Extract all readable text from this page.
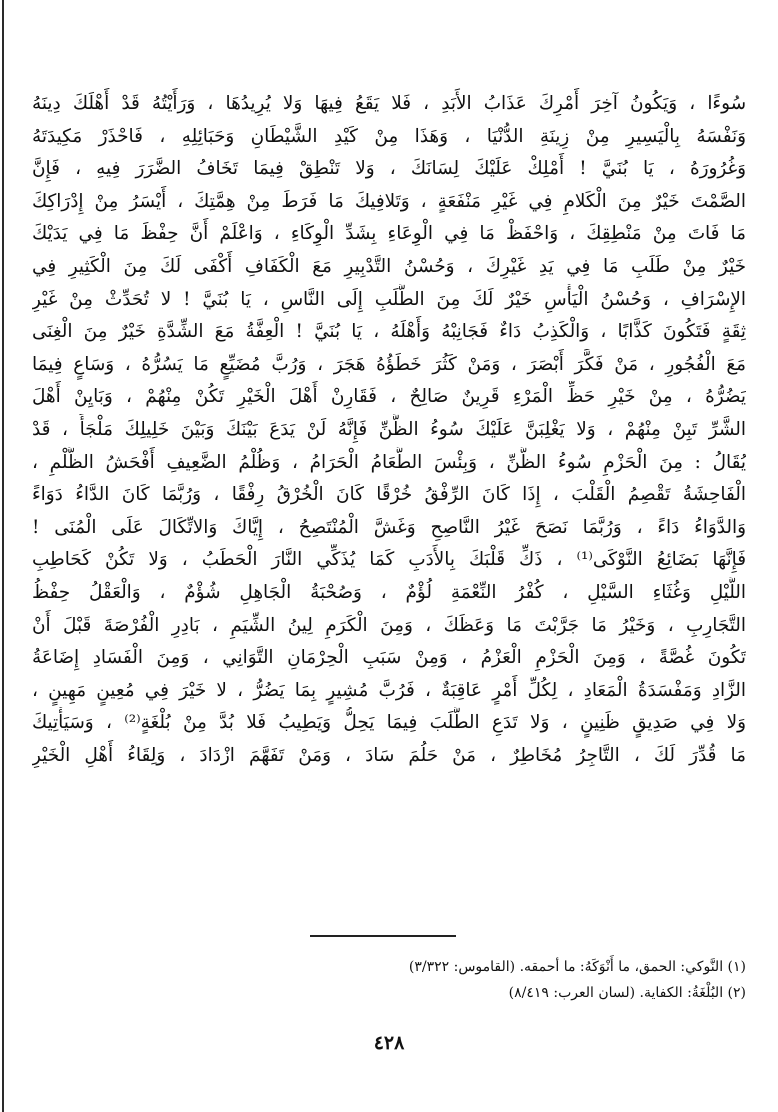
سُوءًا ، وَيَكُونُ آخِرَ أَمْرِكَ عَذَابُ الأَبَدِ ، فَلا يَقَعُ فِيهَا وَلا يُرِيدُهَا ، وَرَأَيْتُهُ قَدْ أَهْلَكَ دِينَهُ
وَنَفْسَهُ بِالْيَسِيرِ مِنْ زِينَةِ الدُّنْيَا ، وَهَذَا مِنْ كَيْدِ الشَّيْطَانِ وَحَبَائِلِهِ ، فَاحْذَرْ مَكِيدَتَهُ
وَغُرُورَهُ ، يَا بُنَيَّ ! أَمْلِكْ عَلَيْكَ لِسَانَكَ ، وَلا تَنْطِقْ فِيمَا تَخَافُ الضَّرَرَ فِيهِ ، فَإِنَّ
الصَّمْتَ خَيْرٌ مِنَ الْكَلامِ فِي غَيْرِ مَنْفَعَةٍ ، وَتَلافِيكَ مَا فَرَطَ مِنْ هِمَّتِكَ ، أَيْسَرُ مِنْ إِدْرَاكِكَ
مَا فَاتَ مِنْ مَنْطِقِكَ ، وَاحْفَظْ مَا فِي الْوِعَاءِ بِشَدِّ الْوِكَاءِ ، وَاعْلَمْ أَنَّ حِفْظَ مَا فِي يَدَيْكَ
خَيْرٌ مِنْ طَلَبِ مَا فِي يَدِ غَيْرِكَ ، وَحُسْنُ التَّدْبِيرِ مَعَ الْكَفَافِ أَكْفَى لَكَ مِنَ الْكَثِيرِ فِي
الإِسْرَافِ ، وَحُسْنُ الْيَأْسِ خَيْرٌ لَكَ مِنَ الطَّلَبِ إِلَى النَّاسِ ، يَا بُنَيَّ ! لا تُحَدِّثْ مِنْ غَيْرِ
ثِقَةٍ فَتَكُونَ كَذَّابًا ، وَالْكَذِبُ دَاءٌ فَجَانِبْهُ وَأَهْلَهُ ، يَا بُنَيَّ ! الْعِفَّةُ مَعَ الشِّدَّةِ خَيْرٌ مِنَ الْغِنَى
مَعَ الْفُجُورِ ، مَنْ فَكَّرَ أَبْصَرَ ، وَمَنْ كَثُرَ خَطَؤُهُ هَجَرَ ، وَرُبَّ مُضَيِّعٍ مَا يَسُرُّهُ ، وَسَاعٍ فِيمَا
يَضُرُّهُ ، مِنْ خَيْرِ حَظِّ الْمَرْءِ قَرِينٌ صَالِحٌ ، فَقَارِنْ أَهْلَ الْخَيْرِ تَكُنْ مِنْهُمْ ، وَبَايِنْ أَهْلَ
الشَّرِّ تَبِنْ مِنْهُمْ ، وَلا يَغْلِبَنَّ عَلَيْكَ سُوءُ الظَّنِّ فَإِنَّهُ لَنْ يَدَعَ بَيْنَكَ وَبَيْنَ خَلِيلِكَ مَلْجَأً ، قَدْ
يُقَالُ : مِنَ الْحَزْمِ سُوءُ الظَّنِّ ، وَبِئْسَ الطَّعَامُ الْحَرَامُ ، وَظُلْمُ الضَّعِيفِ أَفْحَشُ الظُّلْمِ ،
الْفَاحِشَةُ تَقْصِمُ الْقَلْبَ ، إِذَا كَانَ الرِّفْقُ خُرْقًا كَانَ الْخُرْقُ رِفْقًا ، وَرُبَّمَا كَانَ الدَّاءُ دَوَاءً
وَالدَّوَاءُ دَاءً ، وَرُبَّمَا نَصَحَ غَيْرُ النَّاصِحِ وَغَشَّ الْمُنْتَصِحُ ، إِيَّاكَ وَالاتِّكَالَ عَلَى الْمُنَى !
فَإِنَّهَا بَضَائِعُ النَّوْكَى⁽¹⁾ ، ذَكِّ قَلْبَكَ بِالأَدَبِ كَمَا يُذَكِّي النَّارَ الْحَطَبُ ، وَلا تَكُنْ كَحَاطِبِ
اللَّيْلِ وَغُثَاءِ السَّيْلِ ، كُفْرُ النِّعْمَةِ لُؤْمٌ ، وَصُحْبَةُ الْجَاهِلِ شُؤْمٌ ، وَالْعَقْلُ حِفْظُ
التَّجَارِبِ ، وَخَيْرُ مَا جَرَّبْتَ مَا وَعَظَكَ ، وَمِنَ الْكَرَمِ لِينُ الشِّيَمِ ، بَادِرِ الْفُرْصَةَ قَبْلَ أَنْ
تَكُونَ غُصَّةً ، وَمِنَ الْحَزْمِ الْعَزْمُ ، وَمِنْ سَبَبِ الْحِرْمَانِ التَّوَانِي ، وَمِنَ الْفَسَادِ إِضَاعَةُ
الزَّادِ وَمَفْسَدَةُ الْمَعَادِ ، لِكُلِّ أَمْرٍ عَاقِبَةٌ ، فَرُبَّ مُشِيرٍ بِمَا يَضُرُّ ، لا خَيْرَ فِي مُعِينٍ مَهِينٍ ،
وَلا فِي صَدِيقٍ ظَنِينٍ ، وَلا تَدَعِ الطَّلَبَ فِيمَا يَحِلُّ وَيَطِيبُ فَلا بُدَّ مِنْ بُلْغَةٍ⁽²⁾ ، وَسَيَأْتِيكَ
مَا قُدِّرَ لَكَ ، التَّاجِرُ مُخَاطِرٌ ، مَنْ حَلُمَ سَادَ ، وَمَنْ تَفَهَّمَ ازْدَادَ ، وَلِقَاءُ أَهْلِ الْخَيْرِ
(١) النَّوكي: الحمق، ما أَنْوَكَهُ: ما أحمقه. (القاموس: ٣/٣٢٢)
(٢) البُلْغَةُ: الكفاية. (لسان العرب: ٨/٤١٩)
٤٢٨
